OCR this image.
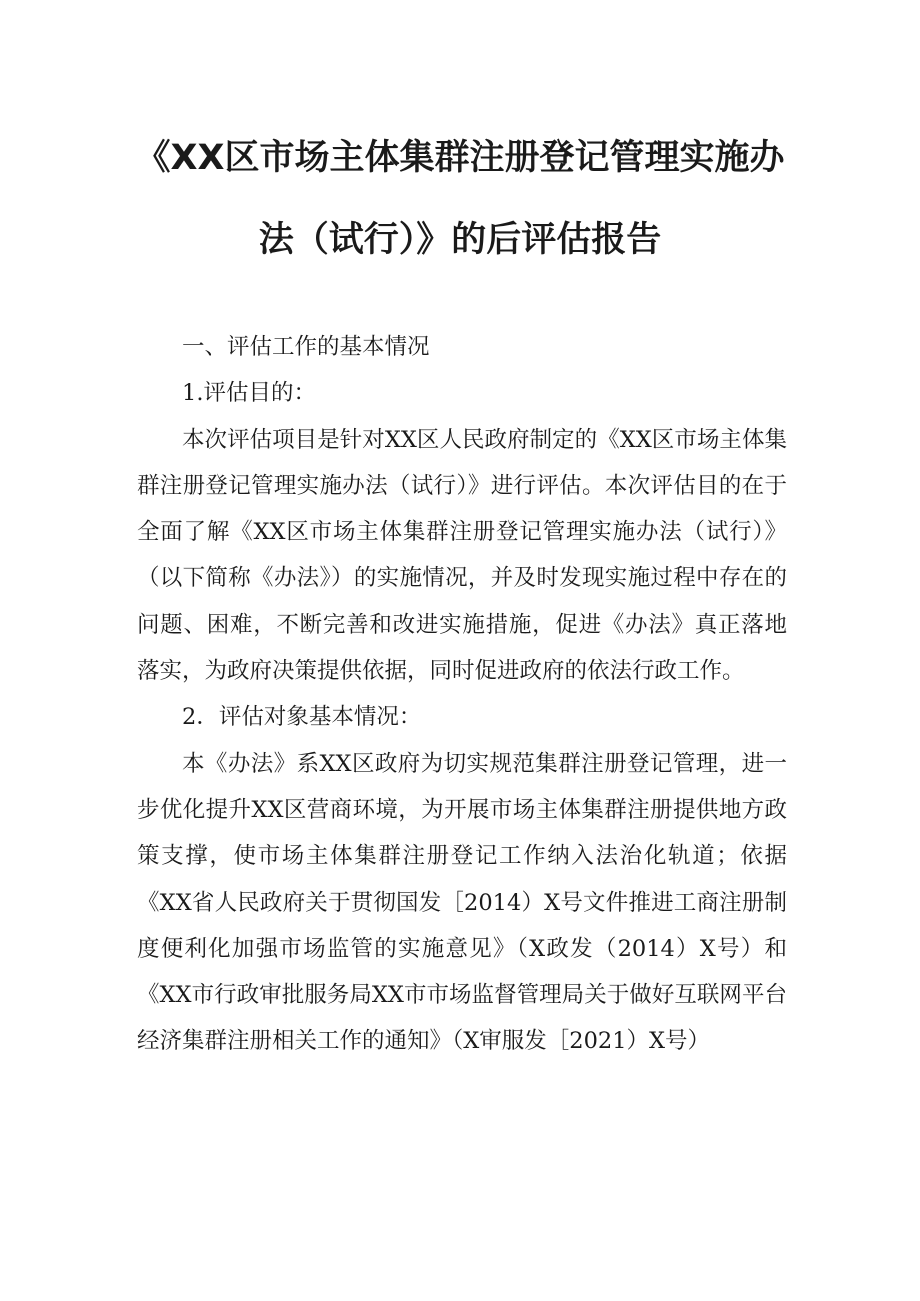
《XX区市场主体集群注册登记管理实施办
法（试行）》的后评估报告

一、评估工作的基本情况

1.评估目的：

本次评估项目是针对XX区人民政府制定的《XX区市场主体集群注册登记管理实施办法（试行）》进行评估。本次评估目的在于全面了解《XX区市场主体集群注册登记管理实施办法（试行）》（以下简称《办法》）的实施情况，并及时发现实施过程中存在的问题、困难，不断完善和改进实施措施，促进《办法》真正落地落实，为政府决策提供依据，同时促进政府的依法行政工作。

2．评估对象基本情况：

本《办法》系XX区政府为切实规范集群注册登记管理，进一步优化提升XX区营商环境，为开展市场主体集群注册提供地方政策支撑，使市场主体集群注册登记工作纳入法治化轨道；依据《XX省人民政府关于贯彻国发［2014）X号文件推进工商注册制度便利化加强市场监管的实施意见》（X政发（2014）X号）和《XX市行政审批服务局XX市市场监督管理局关于做好互联网平台经济集群注册相关工作的通知》（X审服发［2021）X号）
